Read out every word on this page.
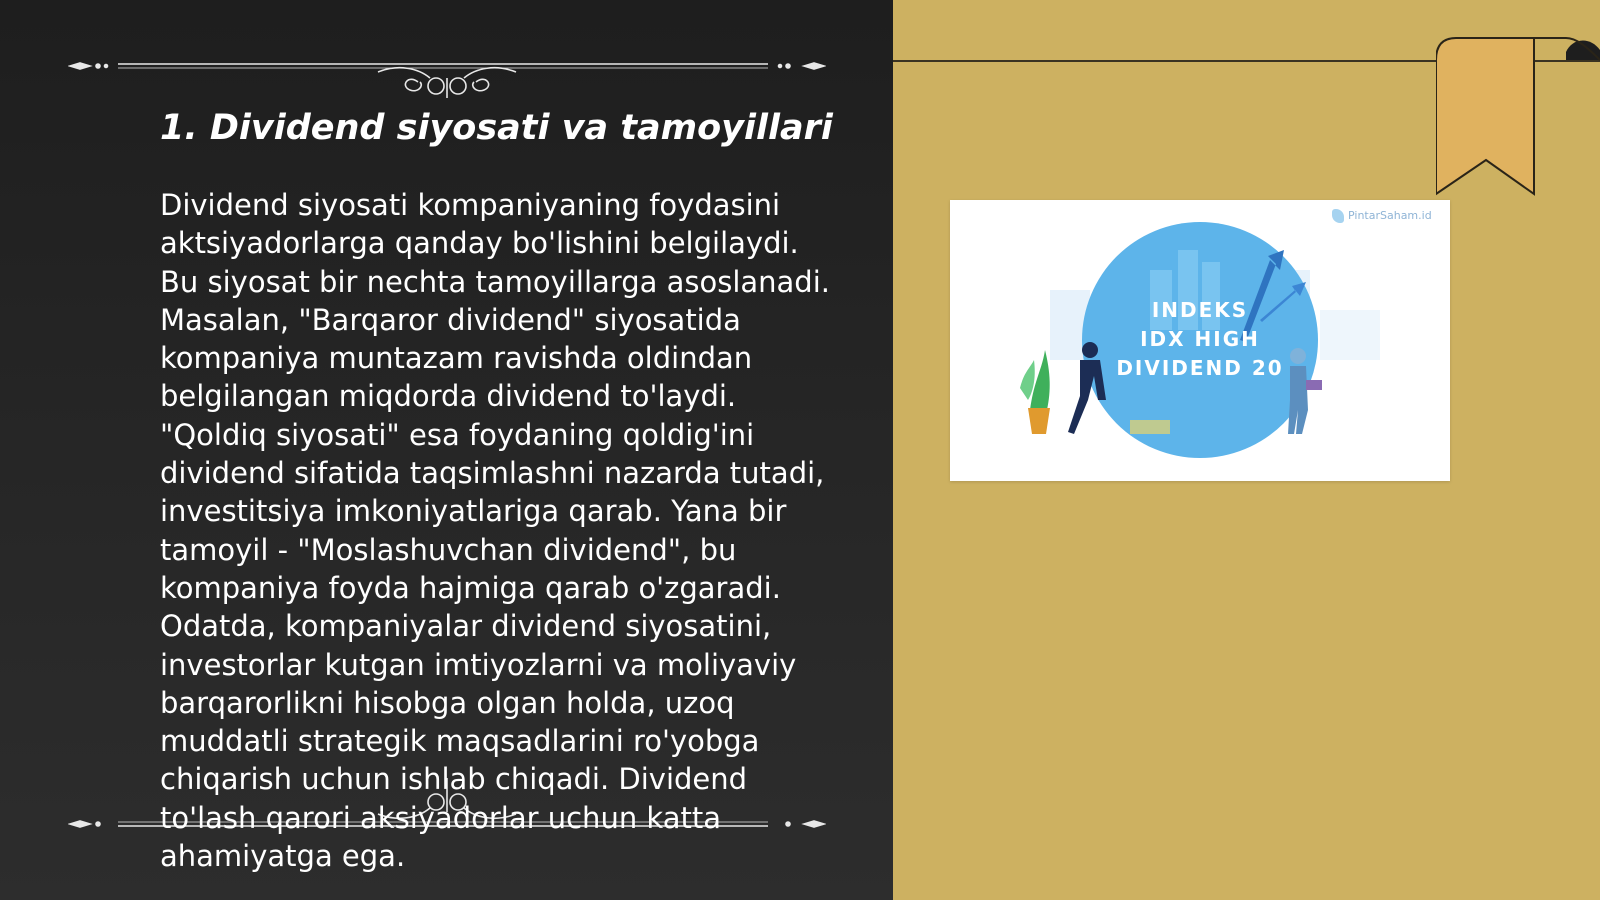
1. Dividend siyosati va tamoyillari

Dividend siyosati kompaniyaning foydasini aktsiyadorlarga qanday bo'lishini belgilaydi. Bu siyosat bir nechta tamoyillarga asoslanadi. Masalan, "Barqaror dividend" siyosatida kompaniya muntazam ravishda oldindan belgilangan miqdorda dividend to'laydi. "Qoldiq siyosati" esa foydaning qoldig'ini dividend sifatida taqsimlashni nazarda tutadi, investitsiya imkoniyatlariga qarab. Yana bir tamoyil - "Moslashuvchan dividend", bu kompaniya foyda hajmiga qarab o'zgaradi. Odatda, kompaniyalar dividend siyosatini, investorlar kutgan imtiyozlarni va moliyaviy barqarorlikni hisobga olgan holda, uzoq muddatli strategik maqsadlarini ro'yobga chiqarish uchun ishlab chiqadi. Dividend to'lash qarori aksiyadorlar uchun katta ahamiyatga ega.

PintarSaham.id
INDEKS
IDX HIGH
DIVIDEND 20
